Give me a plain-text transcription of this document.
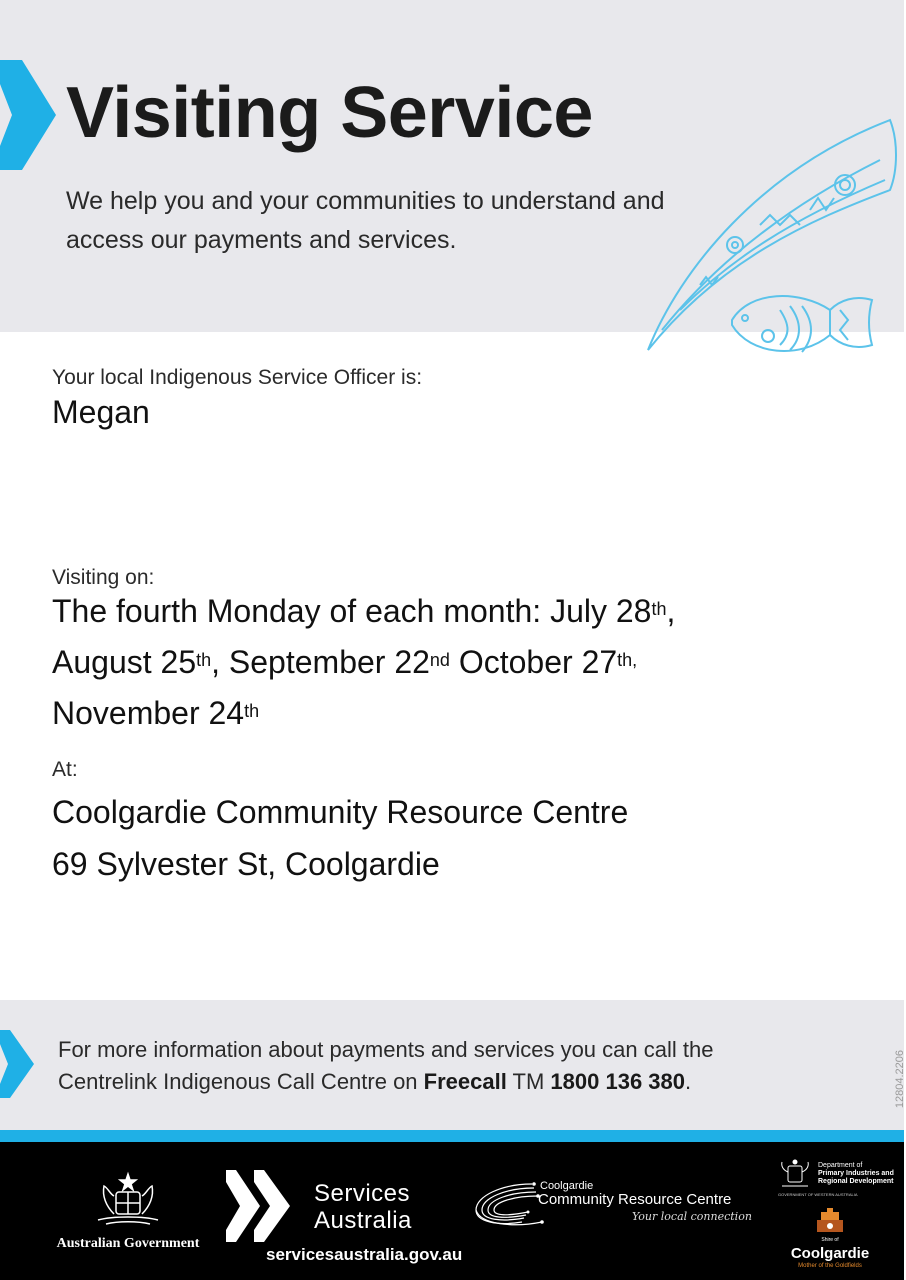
Visiting Service

We help you and your communities to understand and access our payments and services.

Your local Indigenous Service Officer is:
Megan
Visiting on:
The fourth Monday of each month: July 28th,
August 25th, September 22nd October $27^{th,}$
November 24th
At:
Coolgardie Community Resource Centre
69 Sylvester St, Coolgardie

For more information about payments and services you can call the
Centrelink Indigenous Call Centre on Freecall TM 1800 136 380.	12804.2206
Australian Government
Services
Australia
servicesaustralia.gov.au
Coolgardie
Community Resource Centre
Your local connection
Department of
Primary Industries and
Regional Development
GOVERNMENT OF WESTERN AUSTRALIA
Shire of
Coolgardie
Mother of the Goldfields
